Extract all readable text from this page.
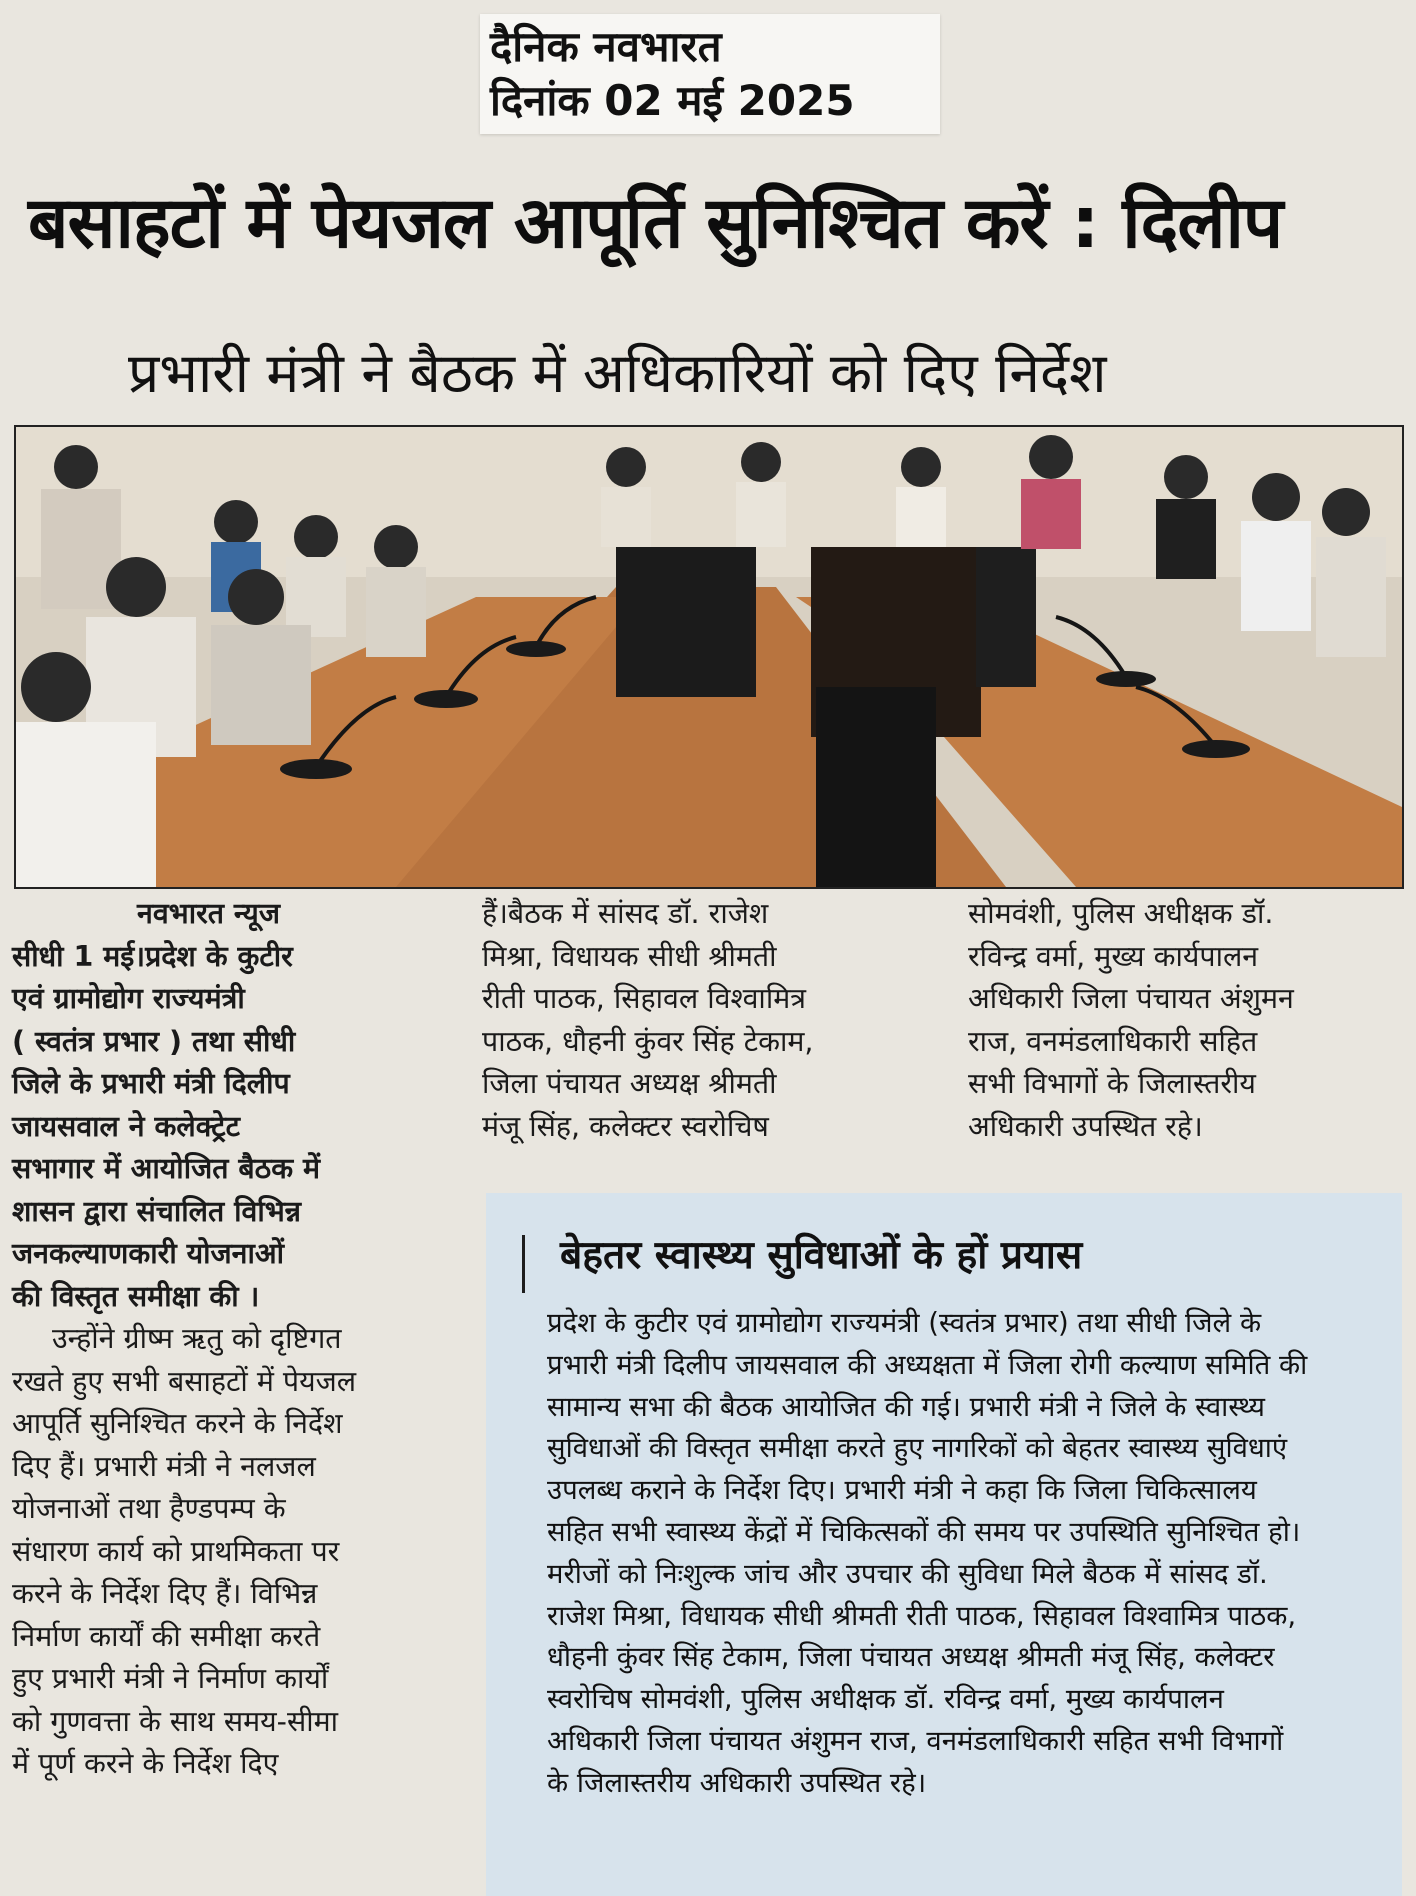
दैनिक नवभारत
दिनांक 02 मई 2025
बसाहटों में पेयजल आपूर्ति सुनिश्चित करें : दिलीप
प्रभारी मंत्री ने बैठक में अधिकारियों को दिए निर्देश
नवभारत न्यूज
सीधी 1 मई।प्रदेश के कुटीर
एवं ग्रामोद्योग राज्यमंत्री
( स्वतंत्र प्रभार ) तथा सीधी
जिले के प्रभारी मंत्री दिलीप
जायसवाल ने कलेक्ट्रेट
सभागार में आयोजित बैठक में
शासन द्वारा संचालित विभिन्न
जनकल्याणकारी योजनाओं
की विस्तृत समीक्षा की ।
उन्होंने ग्रीष्म ऋतु को दृष्टिगत
रखते हुए सभी बसाहटों में पेयजल
आपूर्ति सुनिश्चित करने के निर्देश
दिए हैं। प्रभारी मंत्री ने नलजल
योजनाओं तथा हैण्डपम्प के
संधारण कार्य को प्राथमिकता पर
करने के निर्देश दिए हैं। विभिन्न
निर्माण कार्यों की समीक्षा करते
हुए प्रभारी मंत्री ने निर्माण कार्यों
को गुणवत्ता के साथ समय-सीमा
में पूर्ण करने के निर्देश दिए
हैं।बैठक में सांसद डॉ. राजेश
मिश्रा, विधायक सीधी श्रीमती
रीती पाठक, सिहावल विश्वामित्र
पाठक, धौहनी कुंवर सिंह टेकाम,
जिला पंचायत अध्यक्ष श्रीमती
मंजू सिंह, कलेक्टर स्वरोचिष
सोमवंशी, पुलिस अधीक्षक डॉ.
रविन्द्र वर्मा, मुख्य कार्यपालन
अधिकारी जिला पंचायत अंशुमन
राज, वनमंडलाधिकारी सहित
सभी विभागों के जिलास्तरीय
अधिकारी उपस्थित रहे।
बेहतर स्वास्थ्य सुविधाओं के हों प्रयास
प्रदेश के कुटीर एवं ग्रामोद्योग राज्यमंत्री (स्वतंत्र प्रभार) तथा सीधी जिले के
प्रभारी मंत्री दिलीप जायसवाल की अध्यक्षता में जिला रोगी कल्याण समिति की
सामान्य सभा की बैठक आयोजित की गई। प्रभारी मंत्री ने जिले के स्वास्थ्य
सुविधाओं की विस्तृत समीक्षा करते हुए नागरिकों को बेहतर स्वास्थ्य सुविधाएं
उपलब्ध कराने के निर्देश दिए। प्रभारी मंत्री ने कहा कि जिला चिकित्सालय
सहित सभी स्वास्थ्य केंद्रों में चिकित्सकों की समय पर उपस्थिति सुनिश्चित हो।
मरीजों को निःशुल्क जांच और उपचार की सुविधा मिले बैठक में सांसद डॉ.
राजेश मिश्रा, विधायक सीधी श्रीमती रीती पाठक, सिहावल विश्वामित्र पाठक,
धौहनी कुंवर सिंह टेकाम, जिला पंचायत अध्यक्ष श्रीमती मंजू सिंह, कलेक्टर
स्वरोचिष सोमवंशी, पुलिस अधीक्षक डॉ. रविन्द्र वर्मा, मुख्य कार्यपालन
अधिकारी जिला पंचायत अंशुमन राज, वनमंडलाधिकारी सहित सभी विभागों
के जिलास्तरीय अधिकारी उपस्थित रहे।
